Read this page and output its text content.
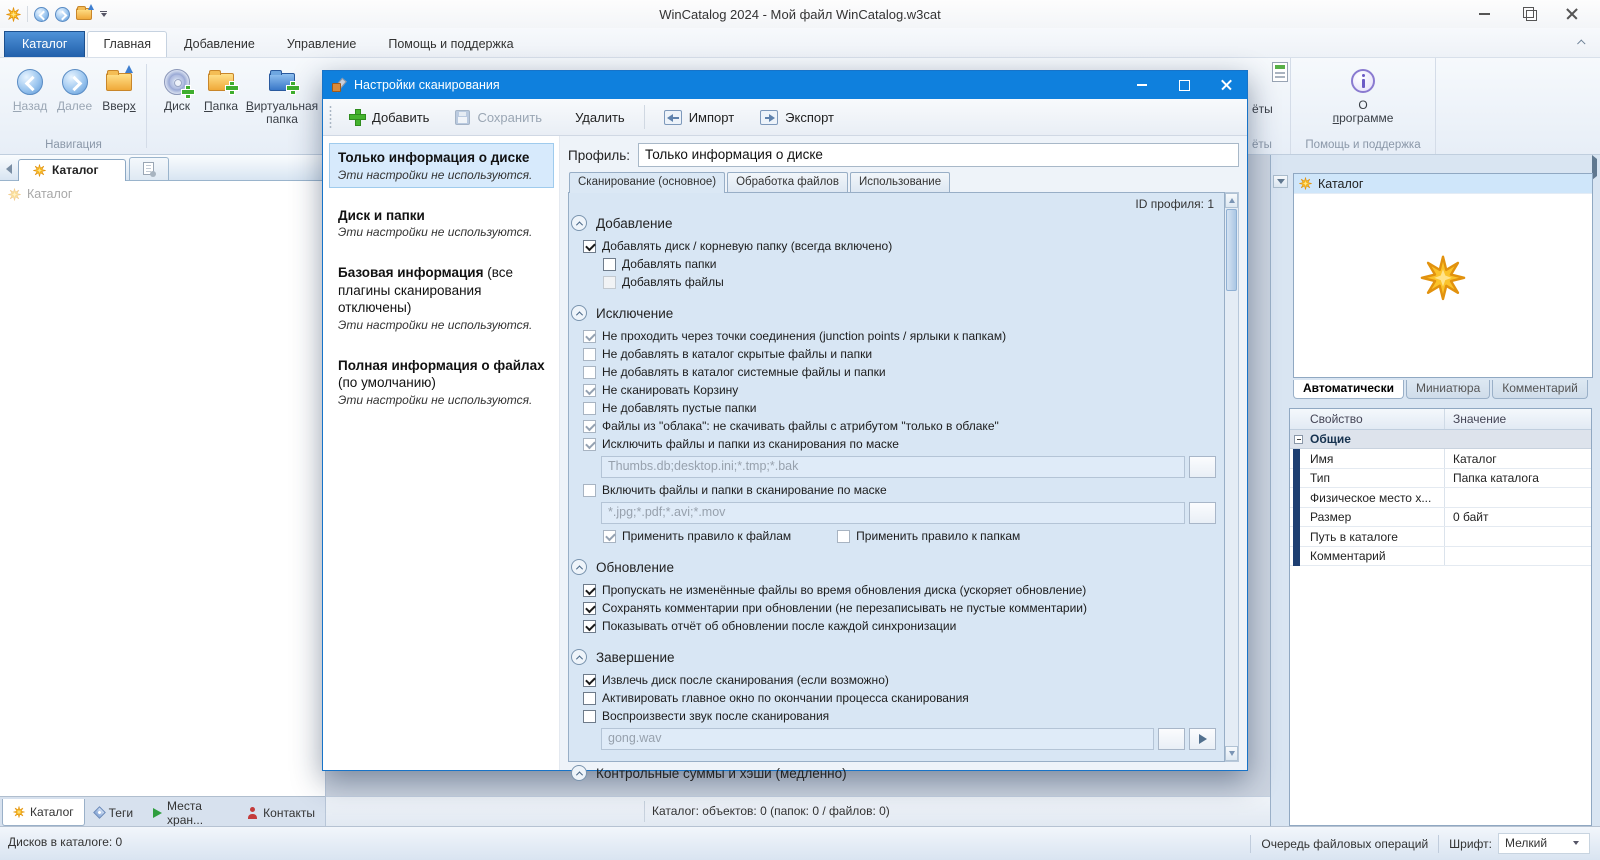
WinCatalog 2024 - Мой файл WinCatalog.w3cat
Каталог	Главная	Добавление	Управление	Помощь и поддержка
Назад Далее Вверх
Навигация
Диск Папка Виртуальная
папка
ёты
ёты
О
программе
Помощь и поддержка
Каталог
Каталог
Каталог	Теги	Места хран...	Контакты
Каталог
Автоматически	Миниатюра	Комментарий
Свойство	Значение
Общие
Имя	Каталог
Тип	Папка каталога
Физическое место х...
Размер	0 байт
Путь в каталоге
Комментарий
Каталог: объектов: 0 (папок: 0 / файлов: 0)
Дисков в каталоге: 0	Очередь файловых операций Шрифт: Мелкий
Настройки сканирования
Добавить	Сохранить	Удалить	Импорт	Экспорт
Только информация о диске
Эти настройки не используются.
Диск и папки
Эти настройки не используются.
Базовая информация (все плагины сканирования отключены)
Эти настройки не используются.
Полная информация о файлах (по умолчанию)
Эти настройки не используются.
Профиль:	Только информация о диске
Сканирование (основное)	Обработка файлов	Использование
ID профиля: 1
Добавление
Добавлять диск / корневую папку (всегда включено)
Добавлять папки
Добавлять файлы
Исключение
Не проходить через точки соединения (junction points / ярлыки к папкам)
Не добавлять в каталог скрытые файлы и папки
Не добавлять в каталог системные файлы и папки
Не сканировать Корзину
Не добавлять пустые папки
Файлы из "облака": не скачивать файлы с атрибутом "только в облаке"
Исключить файлы и папки из сканирования по маске
Thumbs.db;desktop.ini;*.tmp;*.bak
Включить файлы и папки в сканирование по маске
*.jpg;*.pdf;*.avi;*.mov
Применить правило к файлам	Применить правило к папкам
Обновление
Пропускать не изменённые файлы во время обновления диска (ускоряет обновление)
Сохранять комментарии при обновлении (не перезаписывать не пустые комментарии)
Показывать отчёт об обновлении после каждой синхронизации
Завершение
Извлечь диск после сканирования (если возможно)
Активировать главное окно по окончании процесса сканирования
Воспроизвести звук после сканирования
gong.wav
Контрольные суммы и хэши (медленно)
